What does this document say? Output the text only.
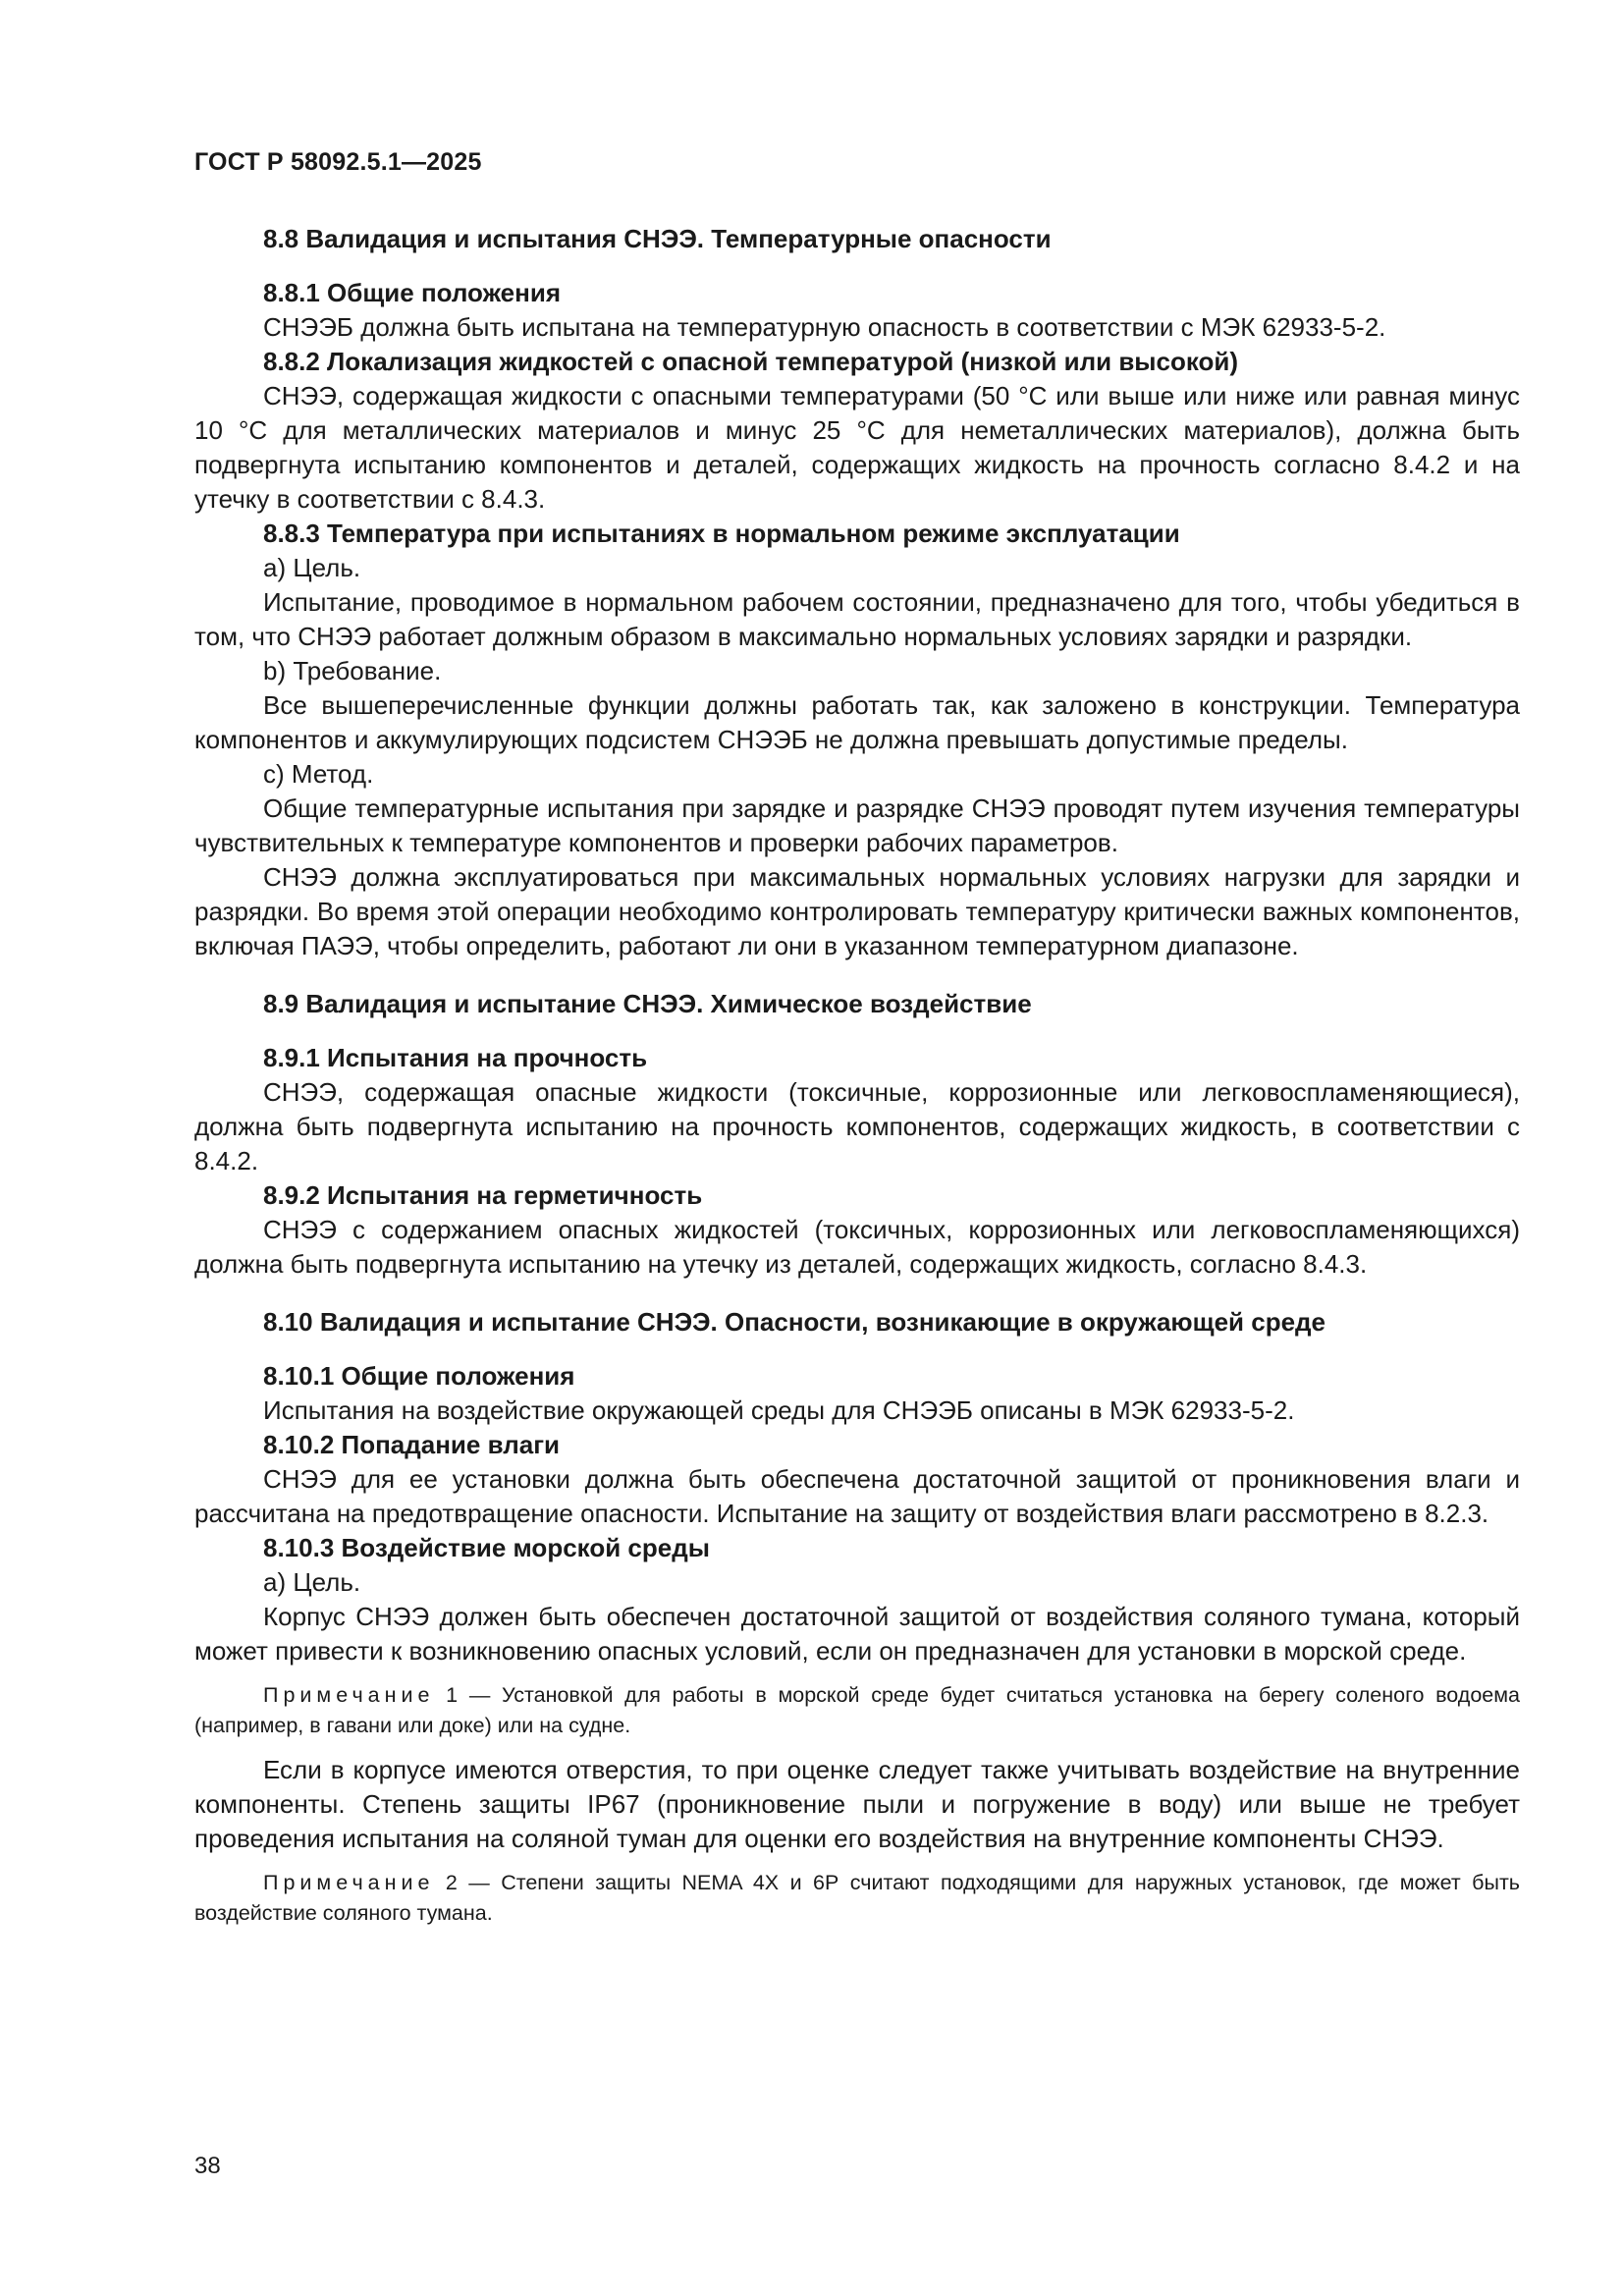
ГОСТ Р 58092.5.1—2025
8.8 Валидация и испытания СНЭЭ. Температурные опасности
8.8.1 Общие положения
СНЭЭБ должна быть испытана на температурную опасность в соответствии с МЭК 62933-5-2.
8.8.2 Локализация жидкостей с опасной температурой (низкой или высокой)
СНЭЭ, содержащая жидкости с опасными температурами (50 °С или выше или ниже или равная минус 10 °С для металлических материалов и минус 25 °С для неметаллических материалов), должна быть подвергнута испытанию компонентов и деталей, содержащих жидкость на прочность согласно 8.4.2 и на утечку в соответствии с 8.4.3.
8.8.3 Температура при испытаниях в нормальном режиме эксплуатации
а) Цель.
Испытание, проводимое в нормальном рабочем состоянии, предназначено для того, чтобы убедиться в том, что СНЭЭ работает должным образом в максимально нормальных условиях зарядки и разрядки.
b) Требование.
Все вышеперечисленные функции должны работать так, как заложено в конструкции. Температура компонентов и аккумулирующих подсистем СНЭЭБ не должна превышать допустимые пределы.
с) Метод.
Общие температурные испытания при зарядке и разрядке СНЭЭ проводят путем изучения температуры чувствительных к температуре компонентов и проверки рабочих параметров.
СНЭЭ должна эксплуатироваться при максимальных нормальных условиях нагрузки для зарядки и разрядки. Во время этой операции необходимо контролировать температуру критически важных компонентов, включая ПАЭЭ, чтобы определить, работают ли они в указанном температурном диапазоне.
8.9 Валидация и испытание СНЭЭ. Химическое воздействие
8.9.1 Испытания на прочность
СНЭЭ, содержащая опасные жидкости (токсичные, коррозионные или легковоспламеняющиеся), должна быть подвергнута испытанию на прочность компонентов, содержащих жидкость, в соответствии с 8.4.2.
8.9.2 Испытания на герметичность
СНЭЭ с содержанием опасных жидкостей (токсичных, коррозионных или легковоспламеняющихся) должна быть подвергнута испытанию на утечку из деталей, содержащих жидкость, согласно 8.4.3.
8.10 Валидация и испытание СНЭЭ. Опасности, возникающие в окружающей среде
8.10.1 Общие положения
Испытания на воздействие окружающей среды для СНЭЭБ описаны в МЭК 62933-5-2.
8.10.2 Попадание влаги
СНЭЭ для ее установки должна быть обеспечена достаточной защитой от проникновения влаги и рассчитана на предотвращение опасности. Испытание на защиту от воздействия влаги рассмотрено в 8.2.3.
8.10.3 Воздействие морской среды
а) Цель.
Корпус СНЭЭ должен быть обеспечен достаточной защитой от воздействия соляного тумана, который может привести к возникновению опасных условий, если он предназначен для установки в морской среде.
Примечание 1 — Установкой для работы в морской среде будет считаться установка на берегу соленого водоема (например, в гавани или доке) или на судне.
Если в корпусе имеются отверстия, то при оценке следует также учитывать воздействие на внутренние компоненты. Степень защиты IP67 (проникновение пыли и погружение в воду) или выше не требует проведения испытания на соляной туман для оценки его воздействия на внутренние компоненты СНЭЭ.
Примечание 2 — Степени защиты NEMA 4X и 6Р считают подходящими для наружных установок, где может быть воздействие соляного тумана.
38
